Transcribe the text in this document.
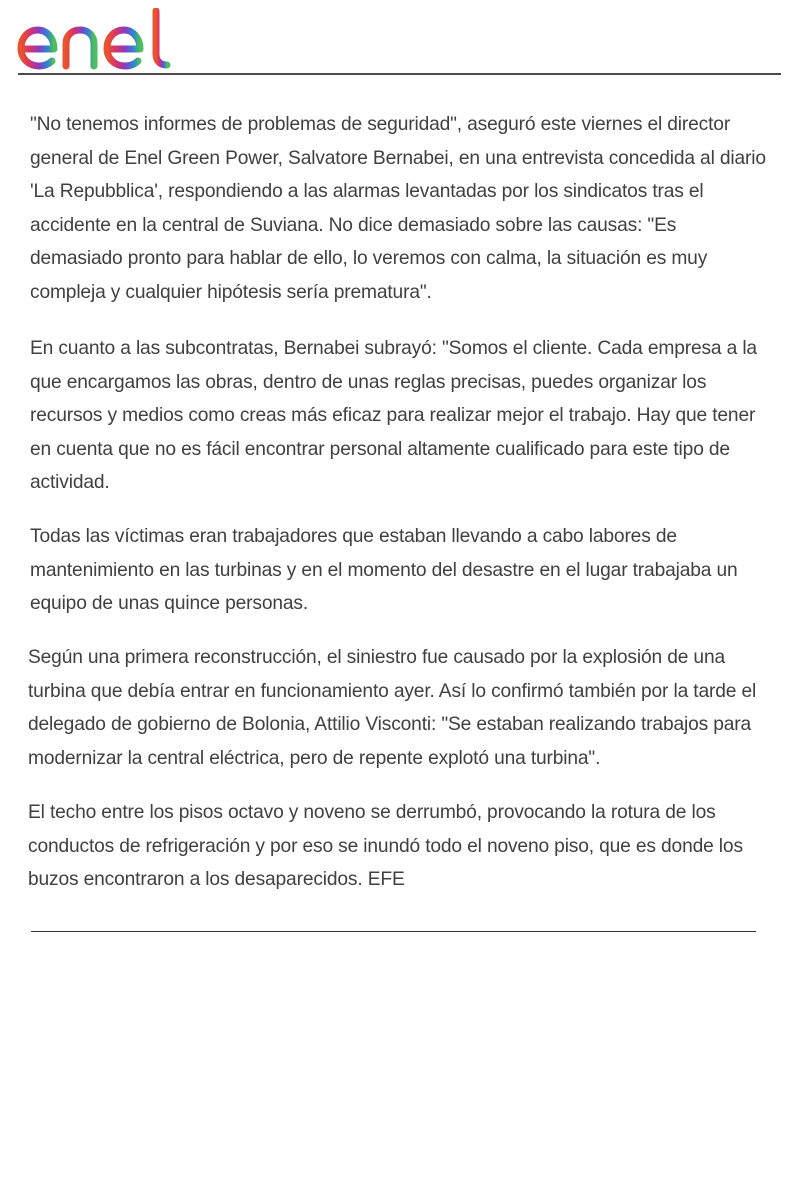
"No tenemos informes de problemas de seguridad", aseguró este viernes el director general de Enel Green Power, Salvatore Bernabei, en una entrevista concedida al diario 'La Repubblica', respondiendo a las alarmas levantadas por los sindicatos tras el accidente en la central de Suviana. No dice demasiado sobre las causas: "Es demasiado pronto para hablar de ello, lo veremos con calma, la situación es muy compleja y cualquier hipótesis sería prematura".

En cuanto a las subcontratas, Bernabei subrayó: "Somos el cliente. Cada empresa a la que encargamos las obras, dentro de unas reglas precisas, puedes organizar los recursos y medios como creas más eficaz para realizar mejor el trabajo. Hay que tener en cuenta que no es fácil encontrar personal altamente cualificado para este tipo de actividad.

Todas las víctimas eran trabajadores que estaban llevando a cabo labores de mantenimiento en las turbinas y en el momento del desastre en el lugar trabajaba un equipo de unas quince personas.

Según una primera reconstrucción, el siniestro fue causado por la explosión de una turbina que debía entrar en funcionamiento ayer. Así lo confirmó también por la tarde el delegado de gobierno de Bolonia, Attilio Visconti: "Se estaban realizando trabajos para modernizar la central eléctrica, pero de repente explotó una turbina".

El techo entre los pisos octavo y noveno se derrumbó, provocando la rotura de los conductos de refrigeración y por eso se inundó todo el noveno piso, que es donde los buzos encontraron a los desaparecidos. EFE
